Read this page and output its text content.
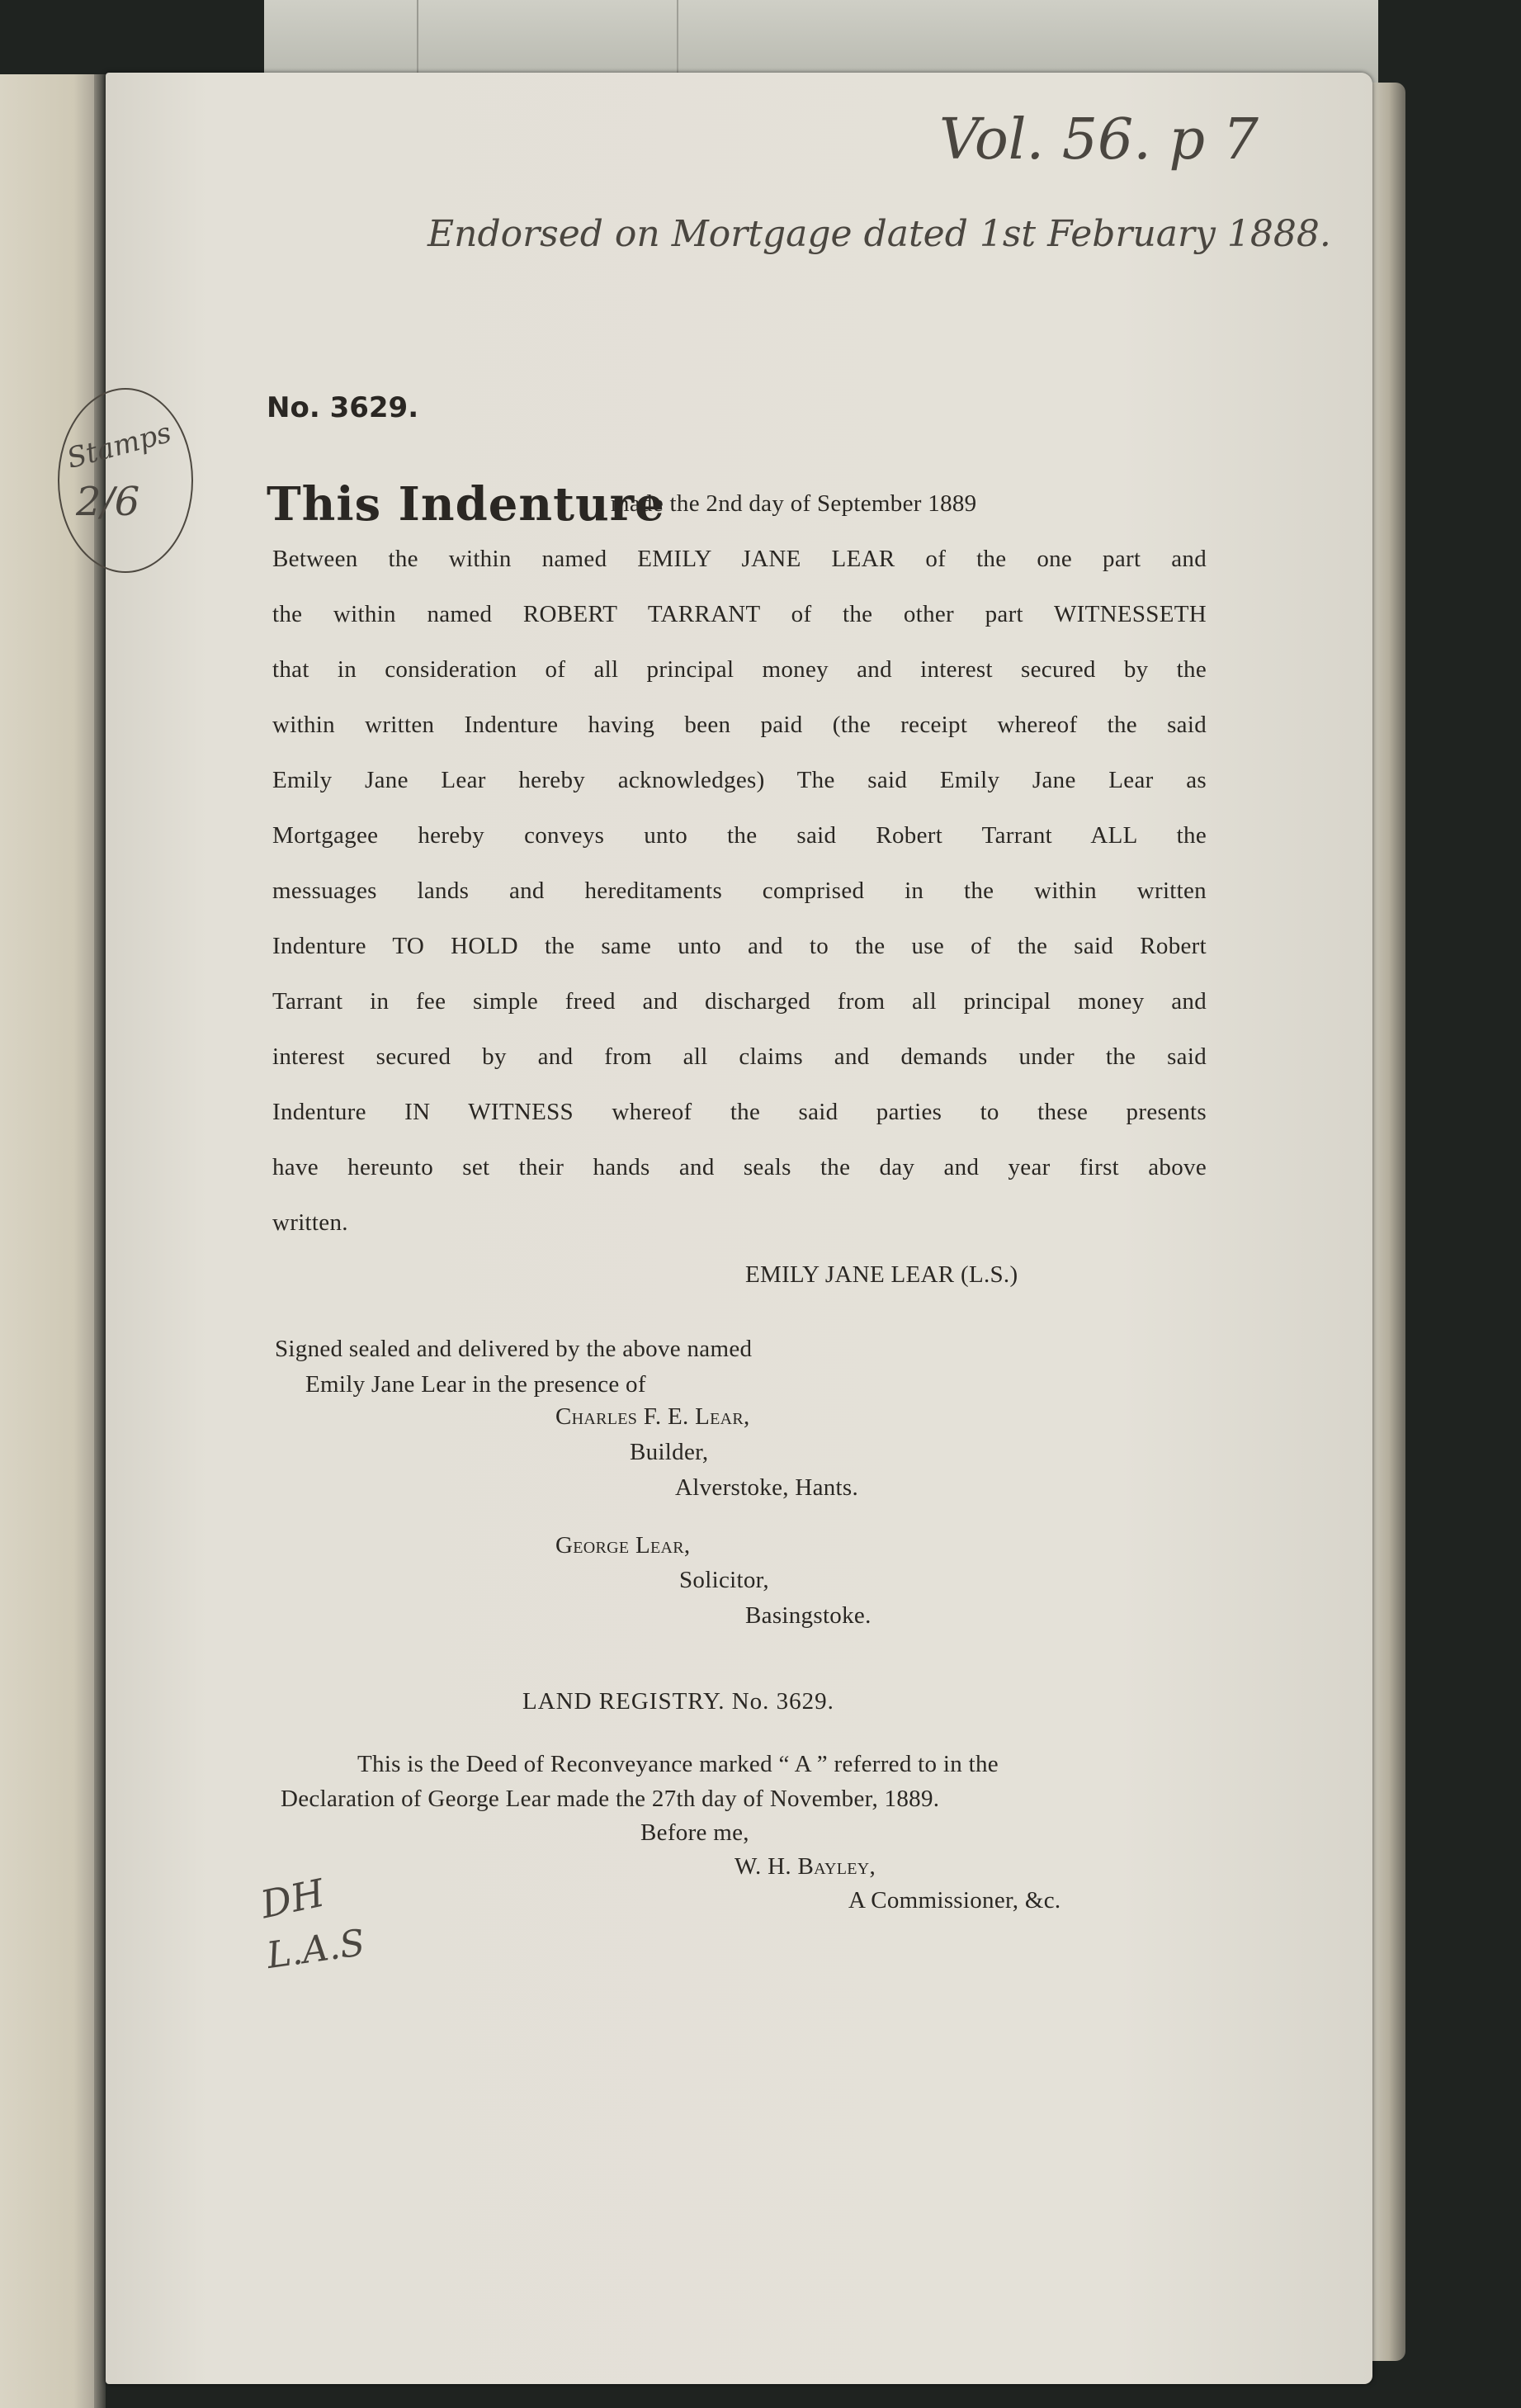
Vol. 56. p 7
Endorsed on Mortgage dated 1st February 1888.
No. 3629.
This Indenture
made the 2nd day of September 1889
Between the within named EMILY JANE LEAR of the one part and
the within named ROBERT TARRANT of the other part WITNESSETH
that in consideration of all principal money and interest secured by the
within written Indenture having been paid (the receipt whereof the said
Emily Jane Lear hereby acknowledges) The said Emily Jane Lear as
Mortgagee hereby conveys unto the said Robert Tarrant ALL the
messuages lands and hereditaments comprised in the within written
Indenture TO HOLD the same unto and to the use of the said Robert
Tarrant in fee simple freed and discharged from all principal money and
interest secured by and from all claims and demands under the said
Indenture IN WITNESS whereof the said parties to these presents
have hereunto set their hands and seals the day and year first above
written.
EMILY JANE LEAR (L.S.)
Signed sealed and delivered by the above named
Emily Jane Lear in the presence of
Charles F. E. Lear,
Builder,
Alverstoke, Hants.
George Lear,
Solicitor,
Basingstoke.
LAND REGISTRY. No. 3629.
This is the Deed of Reconveyance marked “ A ” referred to in the
Declaration of George Lear made the 27th day of November, 1889.
Before me,
W. H. Bayley,
A Commissioner, &c.
DH
L.A.S
Stamps
2/6
